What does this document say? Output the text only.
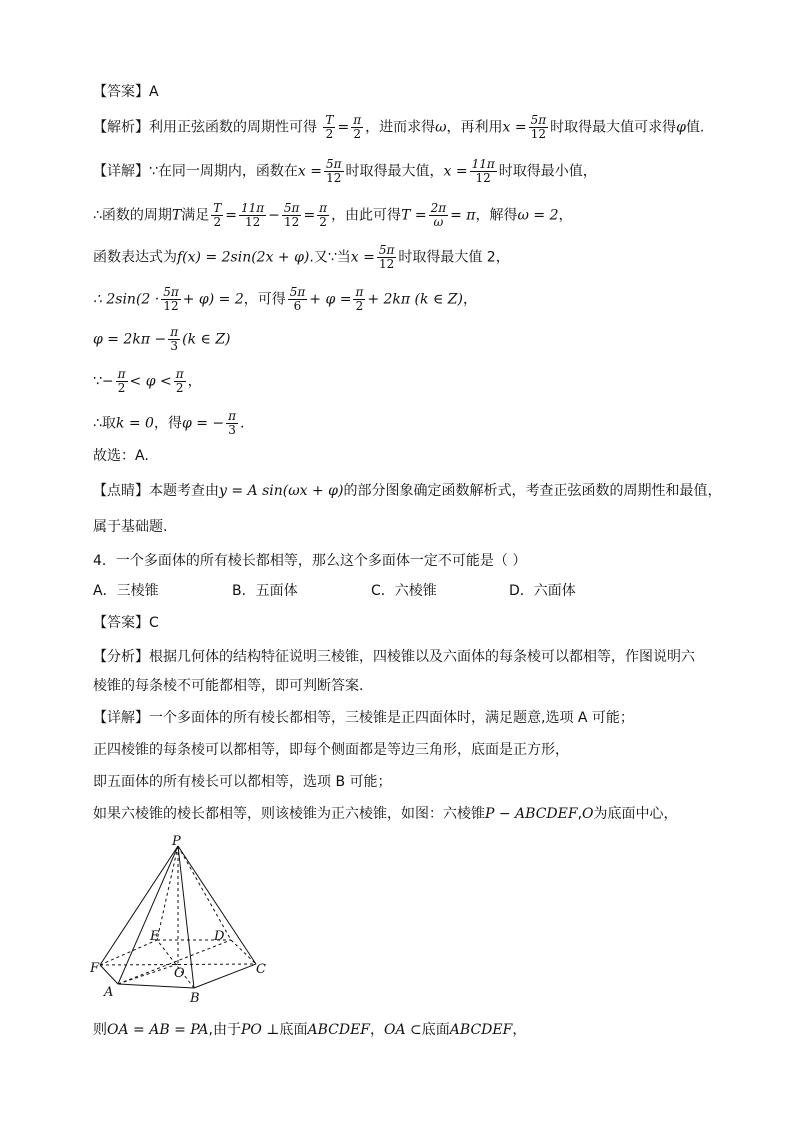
【答案】A
【解析】利用正弦函数的周期性可得 $\frac{T}{2} = \frac{\pi}{2}$ ，进而求得ω，再利用$x = \frac{5\pi}{12}$ 时取得最大值可求得φ值.
【详解】∵在同一周期内，函数在$x = \frac{5\pi}{12}$ 时取得最大值，$x = \frac{11\pi}{12}$ 时取得最小值，
∴函数的周期T满足 $\frac{T}{2} = \frac{11\pi}{12} - \frac{5\pi}{12} = \frac{\pi}{2}$ ，由此可得$T = \frac{2\pi}{\omega} = \pi$，解得ω = 2，
函数表达式为f(x) = 2sin(2x + φ).又∵当$x = \frac{5\pi}{12}$ 时取得最大值 2，
∴ $2\sin(2 \cdot \frac{5\pi}{12} + \varphi) = 2$，可得 $\frac{5\pi}{6} + \varphi = \frac{\pi}{2} + 2k\pi$ (k ∈ Z)，
$\varphi = 2k\pi - \frac{\pi}{3} (k$ ∈ Z)
∵− $\frac{\pi}{2} < \varphi < \frac{\pi}{2}$ ，
∴取k = 0，得φ = − $\frac{\pi}{3}$ .
故选：A.
【点睛】本题考查由y = A sin(ωx + φ)的部分图象确定函数解析式，考查正弦函数的周期性和最值，
属于基础题.
4．一个多面体的所有棱长都相等，那么这个多面体一定不可能是（ ）
A．三棱锥	B．五面体	C．六棱锥	D．六面体
【答案】C
【分析】根据几何体的结构特征说明三棱锥，四棱锥以及六面体的每条棱可以都相等，作图说明六
棱锥的每条棱不可能都相等，即可判断答案.
【详解】一个多面体的所有棱长都相等，三棱锥是正四面体时，满足题意,选项 A 可能；
正四棱锥的每条棱可以都相等，即每个侧面都是等边三角形，底面是正方形，
即五面体的所有棱长可以都相等，选项 B 可能；
如果六棱锥的棱长都相等，则该棱锥为正六棱锥，如图：六棱锥P − ABCDEF,O为底面中心，
P
E	D
F	O	C
A	B
则OA = AB = PA,由于PO ⊥底面ABCDEF，OA ⊂底面ABCDEF，
